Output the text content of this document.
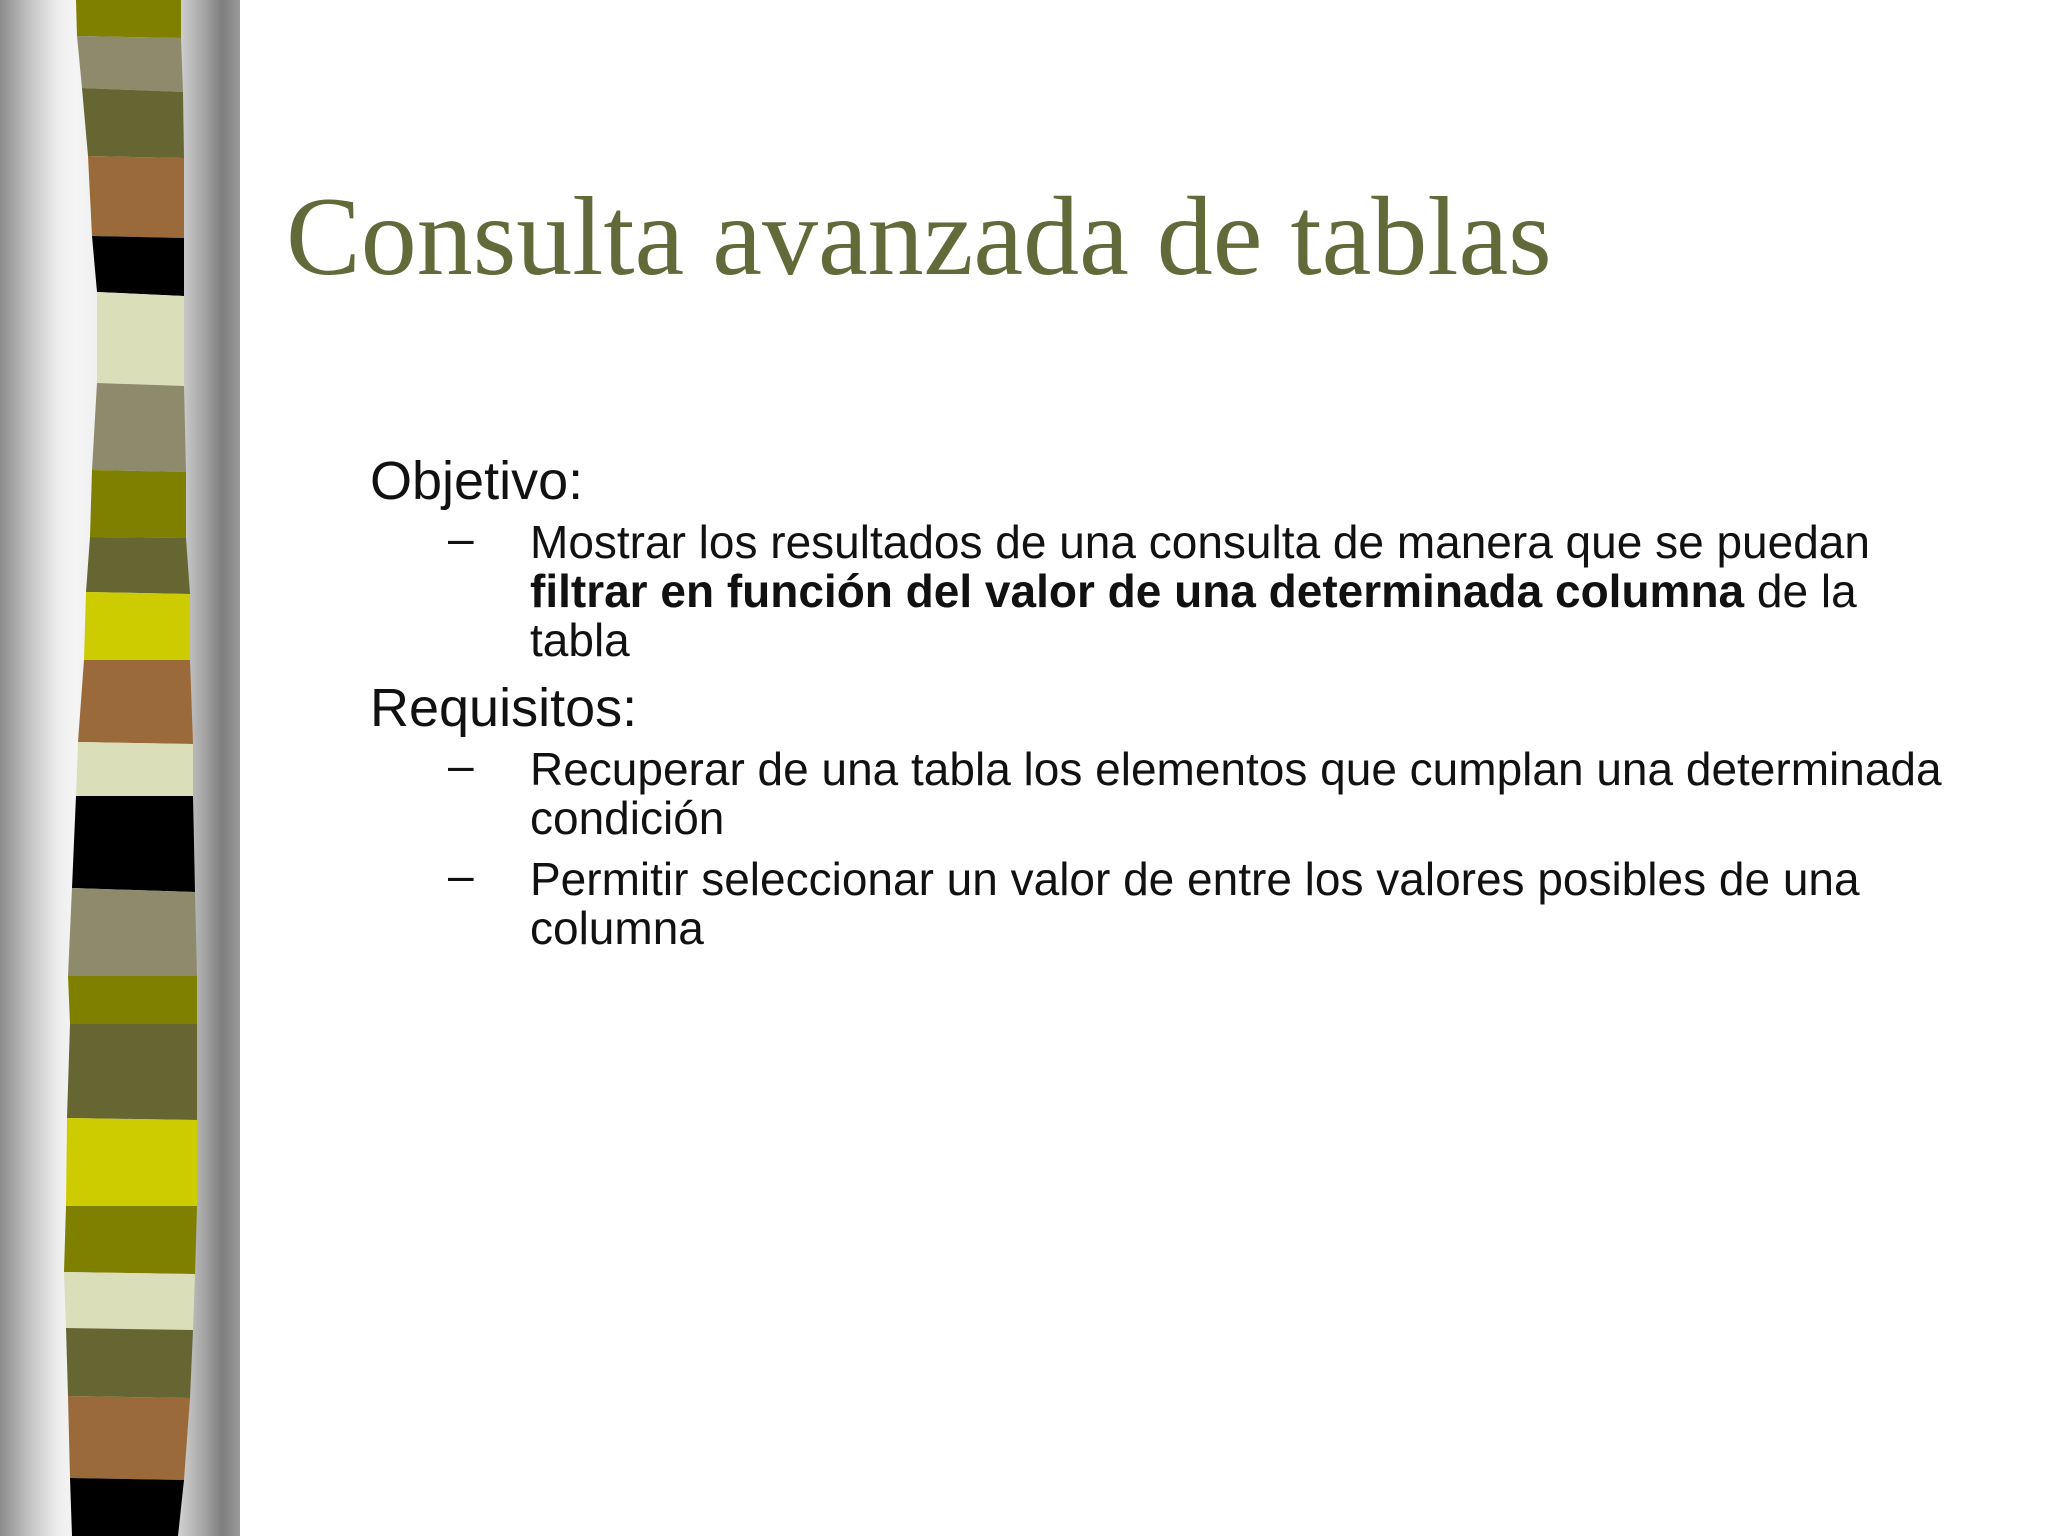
Consulta avanzada de tablas

Objetivo:

– Mostrar los resultados de una consulta de manera que se puedan filtrar en función del valor de una determinada columna de la tabla

Requisitos:

– Recuperar de una tabla los elementos que cumplan una determinada condición
– Permitir seleccionar un valor de entre los valores posibles de una columna
